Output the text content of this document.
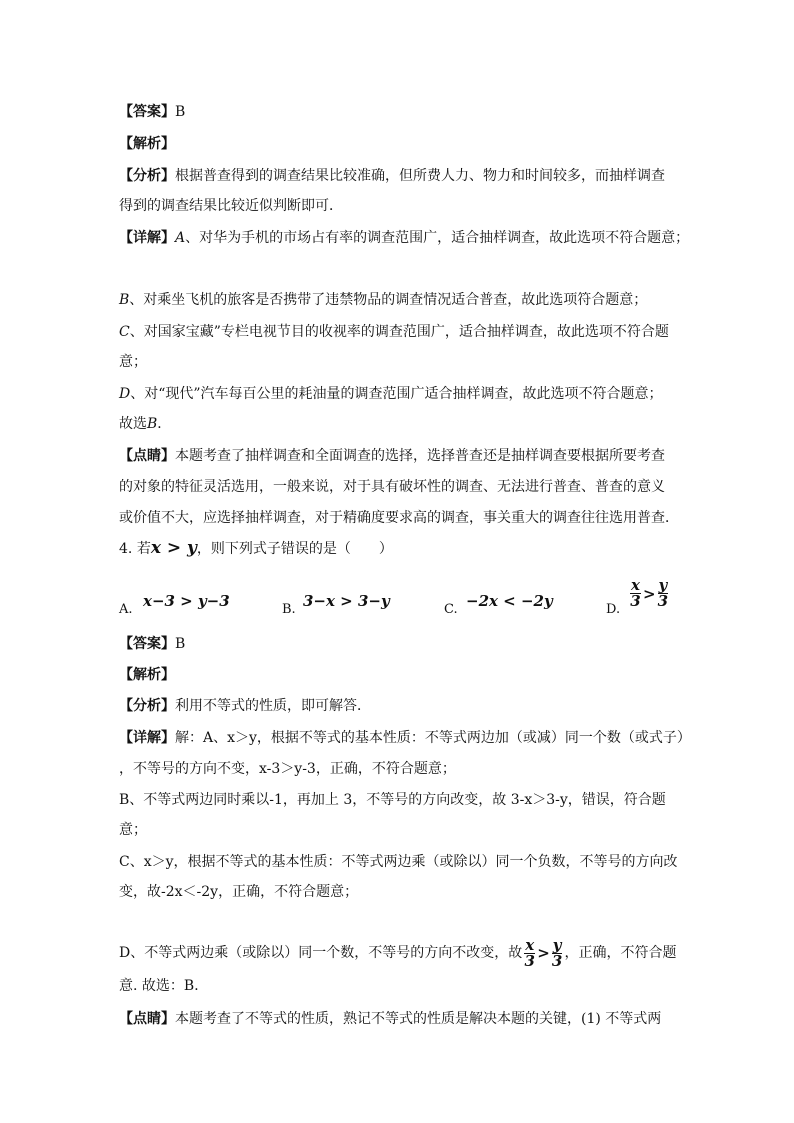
【答案】B
【解析】
【分析】根据普查得到的调查结果比较准确，但所费人力、物力和时间较多，而抽样调查
得到的调查结果比较近似判断即可．
【详解】A、对华为手机的市场占有率的调查范围广，适合抽样调查，故此选项不符合题意；
B、对乘坐飞机的旅客是否携带了违禁物品的调查情况适合普查，故此选项符合题意；
C、对国家宝藏”专栏电视节目的收视率的调查范围广，适合抽样调查，故此选项不符合题
意；
D、对“现代”汽车每百公里的耗油量的调查范围广适合抽样调查，故此选项不符合题意；
故选B．
【点睛】本题考查了抽样调查和全面调查的选择，选择普查还是抽样调查要根据所要考查
的对象的特征灵活选用，一般来说，对于具有破坏性的调查、无法进行普查、普查的意义
或价值不大，应选择抽样调查，对于精确度要求高的调查，事关重大的调查往往选用普查．
4. 若x > y，则下列式子错误的是（　　）
A. x−3 > y−3	B. 3−x > 3−y	C. −2x < −2y	D.
$\frac{x}{3} > \frac{y}{3}$
【答案】B
【解析】
【分析】利用不等式的性质，即可解答．
【详解】解：A、x＞y，根据不等式的基本性质：不等式两边加（或减）同一个数（或式子）
，不等号的方向不变，x-3＞y-3，正确，不符合题意；
B、不等式两边同时乘以-1，再加上 3，不等号的方向改变，故 3-x＞3-y，错误，符合题
意；
C、x＞y，根据不等式的基本性质：不等式两边乘（或除以）同一个负数，不等号的方向改
变，故-2x＜-2y，正确，不符合题意；
D、不等式两边乘（或除以）同一个数，不等号的方向不改变，故 $\frac{x}{3} > \frac{y}{3}$ ，正确，不符合题
意. 故选：B．
【点睛】本题考查了不等式的性质，熟记不等式的性质是解决本题的关键，(1) 不等式两
